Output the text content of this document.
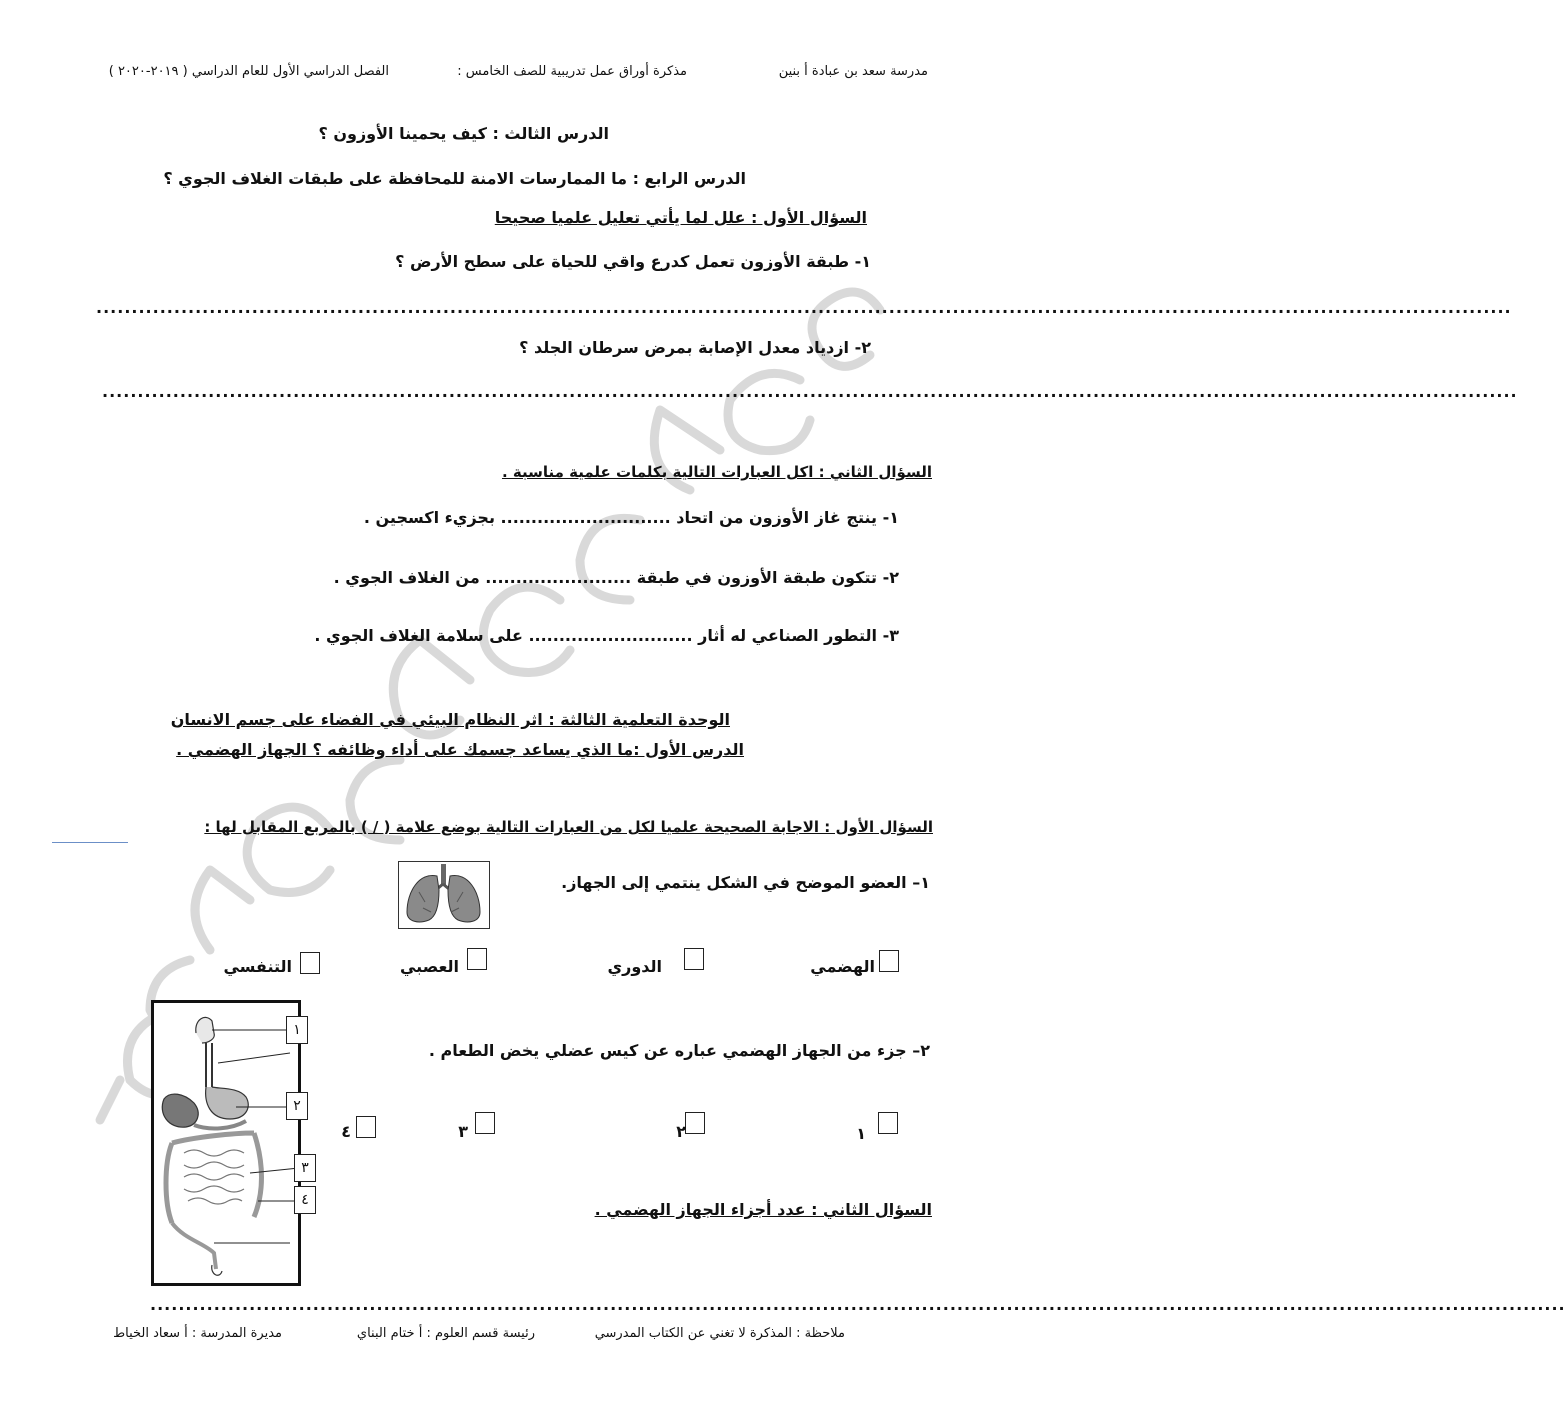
مدرسة سعد بن عبادة أ بنين
مذكرة أوراق عمل تدريبية للصف الخامس :
الفصل الدراسي الأول للعام الدراسي ( ٢٠١٩-٢٠٢٠ )
الدرس الثالث : كيف يحمينا الأوزون ؟
الدرس الرابع : ما الممارسات الامنة للمحافظة على طبقات الغلاف الجوي ؟
السؤال الأول : علل لما يأتي تعليل علميا صحيحا
١- طبقة الأوزون تعمل كدرع واقي للحياة على سطح الأرض ؟
........................................................................................................................................................................................................
٢- ازدياد معدل الإصابة بمرض سرطان الجلد ؟
........................................................................................................................................................................................................
السؤال الثاني : اكل العبارات التالية بكلمات علمية مناسبة .
١- ينتج غاز الأوزون من اتحاد ............................ بجزيء اكسجين .
٢- تتكون طبقة الأوزون في طبقة ........................ من الغلاف الجوي .
٣- التطور الصناعي له أثار ........................... على سلامة الغلاف الجوي .
الوحدة التعلمية الثالثة : اثر النظام البيئي في الفضاء على جسم الانسان
الدرس الأول :ما الذي يساعد جسمك على أداء وظائفه ؟ الجهاز الهضمي .
السؤال الأول : الاجابة الصحيحة علميا لكل من العبارات التالية بوضع علامة ( / ) بالمربع المقابل لها :
١– العضو الموضح في الشكل ينتمي إلى الجهاز.
الهضمي
الدوري
العصبي
التنفسي
١
٢
٣
٤
٢– جزء من الجهاز الهضمي عباره عن كيس عضلي يخض الطعام .
١
٢
٣
٤
السؤال الثاني : عدد أجزاء الجهاز الهضمي .
........................................................................................................................................................................................................
ملاحظة : المذكرة لا تغني عن الكتاب المدرسي
رئيسة قسم العلوم : أ ختام البناي
مديرة المدرسة : أ سعاد الخياط
